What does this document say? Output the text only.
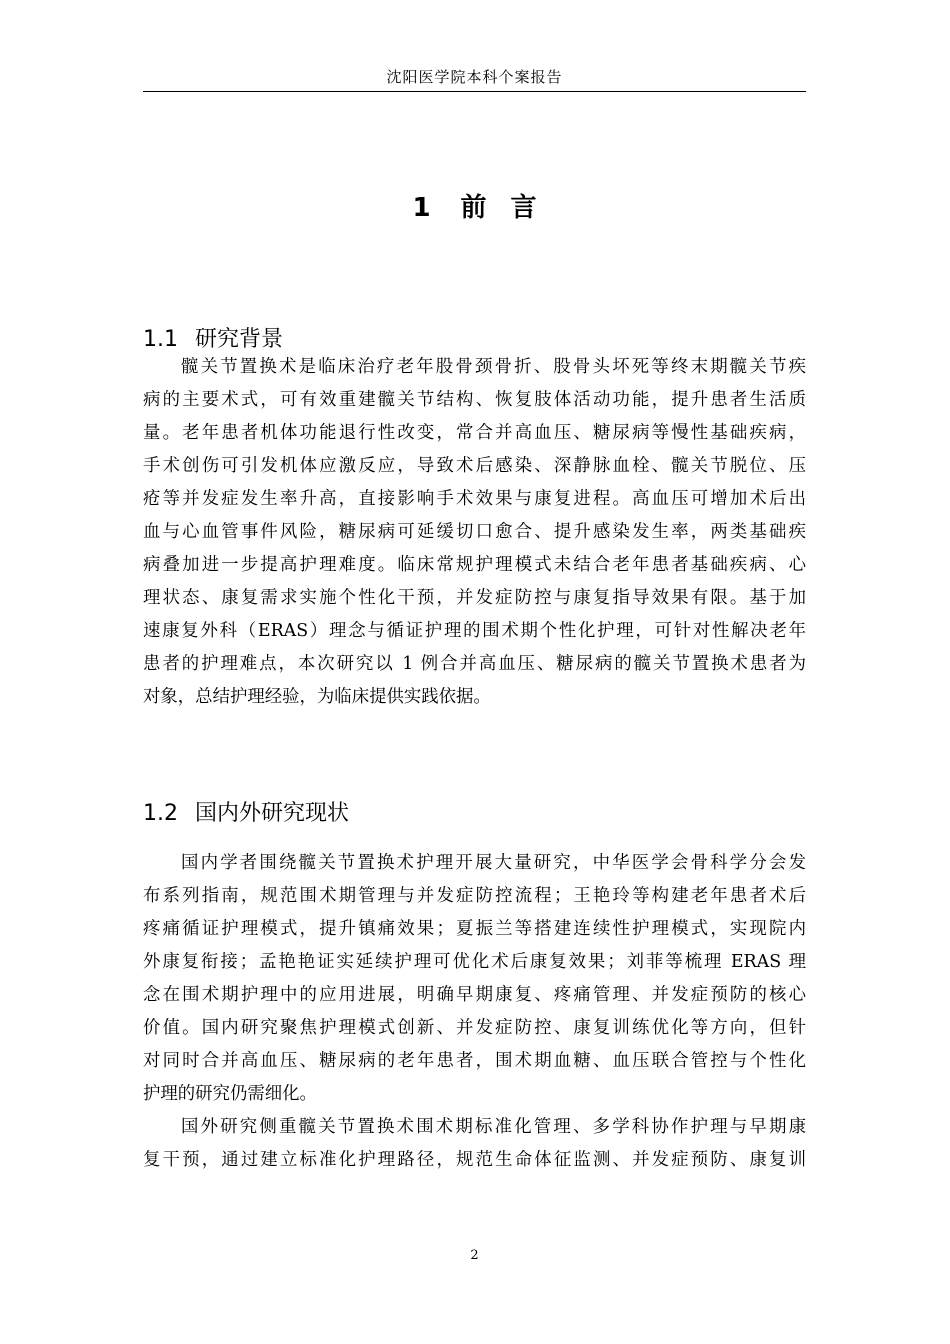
沈阳医学院本科个案报告
1 前 言
1.1 研究背景
髋关节置换术是临床治疗老年股骨颈骨折、股骨头坏死等终末期髋关节疾
病的主要术式，可有效重建髋关节结构、恢复肢体活动功能，提升患者生活质
量。老年患者机体功能退行性改变，常合并高血压、糖尿病等慢性基础疾病，
手术创伤可引发机体应激反应，导致术后感染、深静脉血栓、髋关节脱位、压
疮等并发症发生率升高，直接影响手术效果与康复进程。高血压可增加术后出
血与心血管事件风险，糖尿病可延缓切口愈合、提升感染发生率，两类基础疾
病叠加进一步提高护理难度。临床常规护理模式未结合老年患者基础疾病、心
理状态、康复需求实施个性化干预，并发症防控与康复指导效果有限。基于加
速康复外科（ERAS）理念与循证护理的围术期个性化护理，可针对性解决老年
患者的护理难点，本次研究以 1 例合并高血压、糖尿病的髋关节置换术患者为
对象，总结护理经验，为临床提供实践依据。
1.2 国内外研究现状
国内学者围绕髋关节置换术护理开展大量研究，中华医学会骨科学分会发
布系列指南，规范围术期管理与并发症防控流程；王艳玲等构建老年患者术后
疼痛循证护理模式，提升镇痛效果；夏振兰等搭建连续性护理模式，实现院内
外康复衔接；孟艳艳证实延续护理可优化术后康复效果；刘菲等梳理 ERAS 理
念在围术期护理中的应用进展，明确早期康复、疼痛管理、并发症预防的核心
价值。国内研究聚焦护理模式创新、并发症防控、康复训练优化等方向，但针
对同时合并高血压、糖尿病的老年患者，围术期血糖、血压联合管控与个性化
护理的研究仍需细化。
国外研究侧重髋关节置换术围术期标准化管理、多学科协作护理与早期康
复干预，通过建立标准化护理路径，规范生命体征监测、并发症预防、康复训
2
